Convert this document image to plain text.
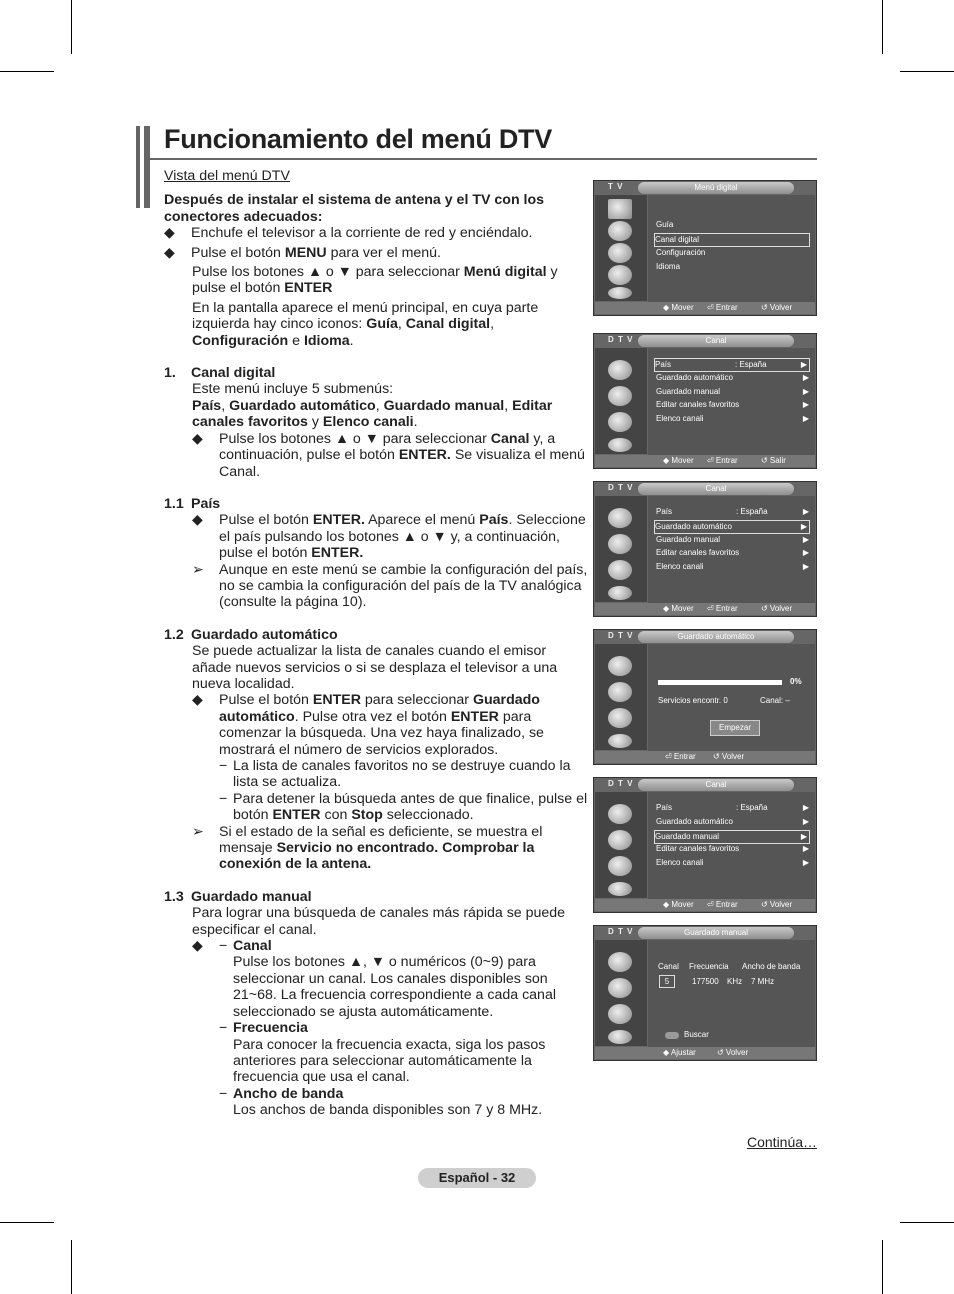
Funcionamiento del menú DTV

Vista del menú DTV

Después de instalar el sistema de antena y el TV con los conectores adecuados:

◆	Enchufe el televisor a la corriente de red y enciéndalo.
◆	Pulse el botón MENU para ver el menú.

Pulse los botones ▲ o ▼ para seleccionar Menú digital y pulse el botón ENTER

En la pantalla aparece el menú principal, en cuya parte izquierda hay cinco iconos: Guía, Canal digital, Configuración e Idioma.

1.	Canal digital

Este menú incluye 5 submenús:

País, Guardado automático, Guardado manual, Editar canales favoritos y Elenco canali.

◆	Pulse los botones ▲ o ▼ para seleccionar Canal y, a continuación, pulse el botón ENTER. Se visualiza el menú Canal.
1.1 País
◆	Pulse el botón ENTER. Aparece el menú País. Seleccione el país pulsando los botones ▲ o ▼ y, a continuación, pulse el botón ENTER.
➢	Aunque en este menú se cambie la configuración del país, no se cambia la configuración del país de la TV analógica (consulte la página 10).
1.2 Guardado automático

Se puede actualizar la lista de canales cuando el emisor añade nuevos servicios o si se desplaza el televisor a una nueva localidad.

◆	Pulse el botón ENTER para seleccionar Guardado automático. Pulse otra vez el botón ENTER para comenzar la búsqueda. Una vez haya finalizado, se mostrará el número de servicios explorados.
− La lista de canales favoritos no se destruye cuando la lista se actualiza.
− Para detener la búsqueda antes de que finalice, pulse el botón ENTER con Stop seleccionado.
➢	Si el estado de la señal es deficiente, se muestra el mensaje Servicio no encontrado. Comprobar la conexión de la antena.
1.3 Guardado manual

Para lograr una búsqueda de canales más rápida se puede especificar el canal.

◆	− Canal
Pulse los botones ▲, ▼ o numéricos (0~9) para seleccionar un canal. Los canales disponibles son 21~68. La frecuencia correspondiente a cada canal seleccionado se ajusta automáticamente.
− Frecuencia
Para conocer la frecuencia exacta, siga los pasos anteriores para seleccionar automáticamente la frecuencia que usa el canal.
− Ancho de banda
Los anchos de banda disponibles son 7 y 8 MHz.
Continúa…
Español - 32
T V	Menú digital
Guía
Canal digital
Configuración
Idioma
◆ Mover ⏎ Entrar	↺ Volver
D T V	Canal
País	: España	▶
Guardado automático	▶
Guardado manual	▶
Editar canales favoritos	▶
Elenco canali	▶
◆ Mover ⏎ Entrar	↺ Salir
D T V	Canal
País	: España	▶
Guardado automático	▶
Guardado manual	▶
Editar canales favoritos	▶
Elenco canali	▶
◆ Mover ⏎ Entrar	↺ Volver
D T V	Guardado automático
0%
Servicios encontr. 0	Canal: –
Empezar
⏎ Entrar ↺ Volver
D T V	Canal
País	: España	▶
Guardado automático	▶
Guardado manual	▶
Editar canales favoritos	▶
Elenco canali	▶
◆ Mover ⏎ Entrar	↺ Volver
D T V	Guardado manual
Canal Frecuencia Ancho de banda
5	177500 KHz 7 MHz
Buscar
◆ Ajustar	↺ Volver
